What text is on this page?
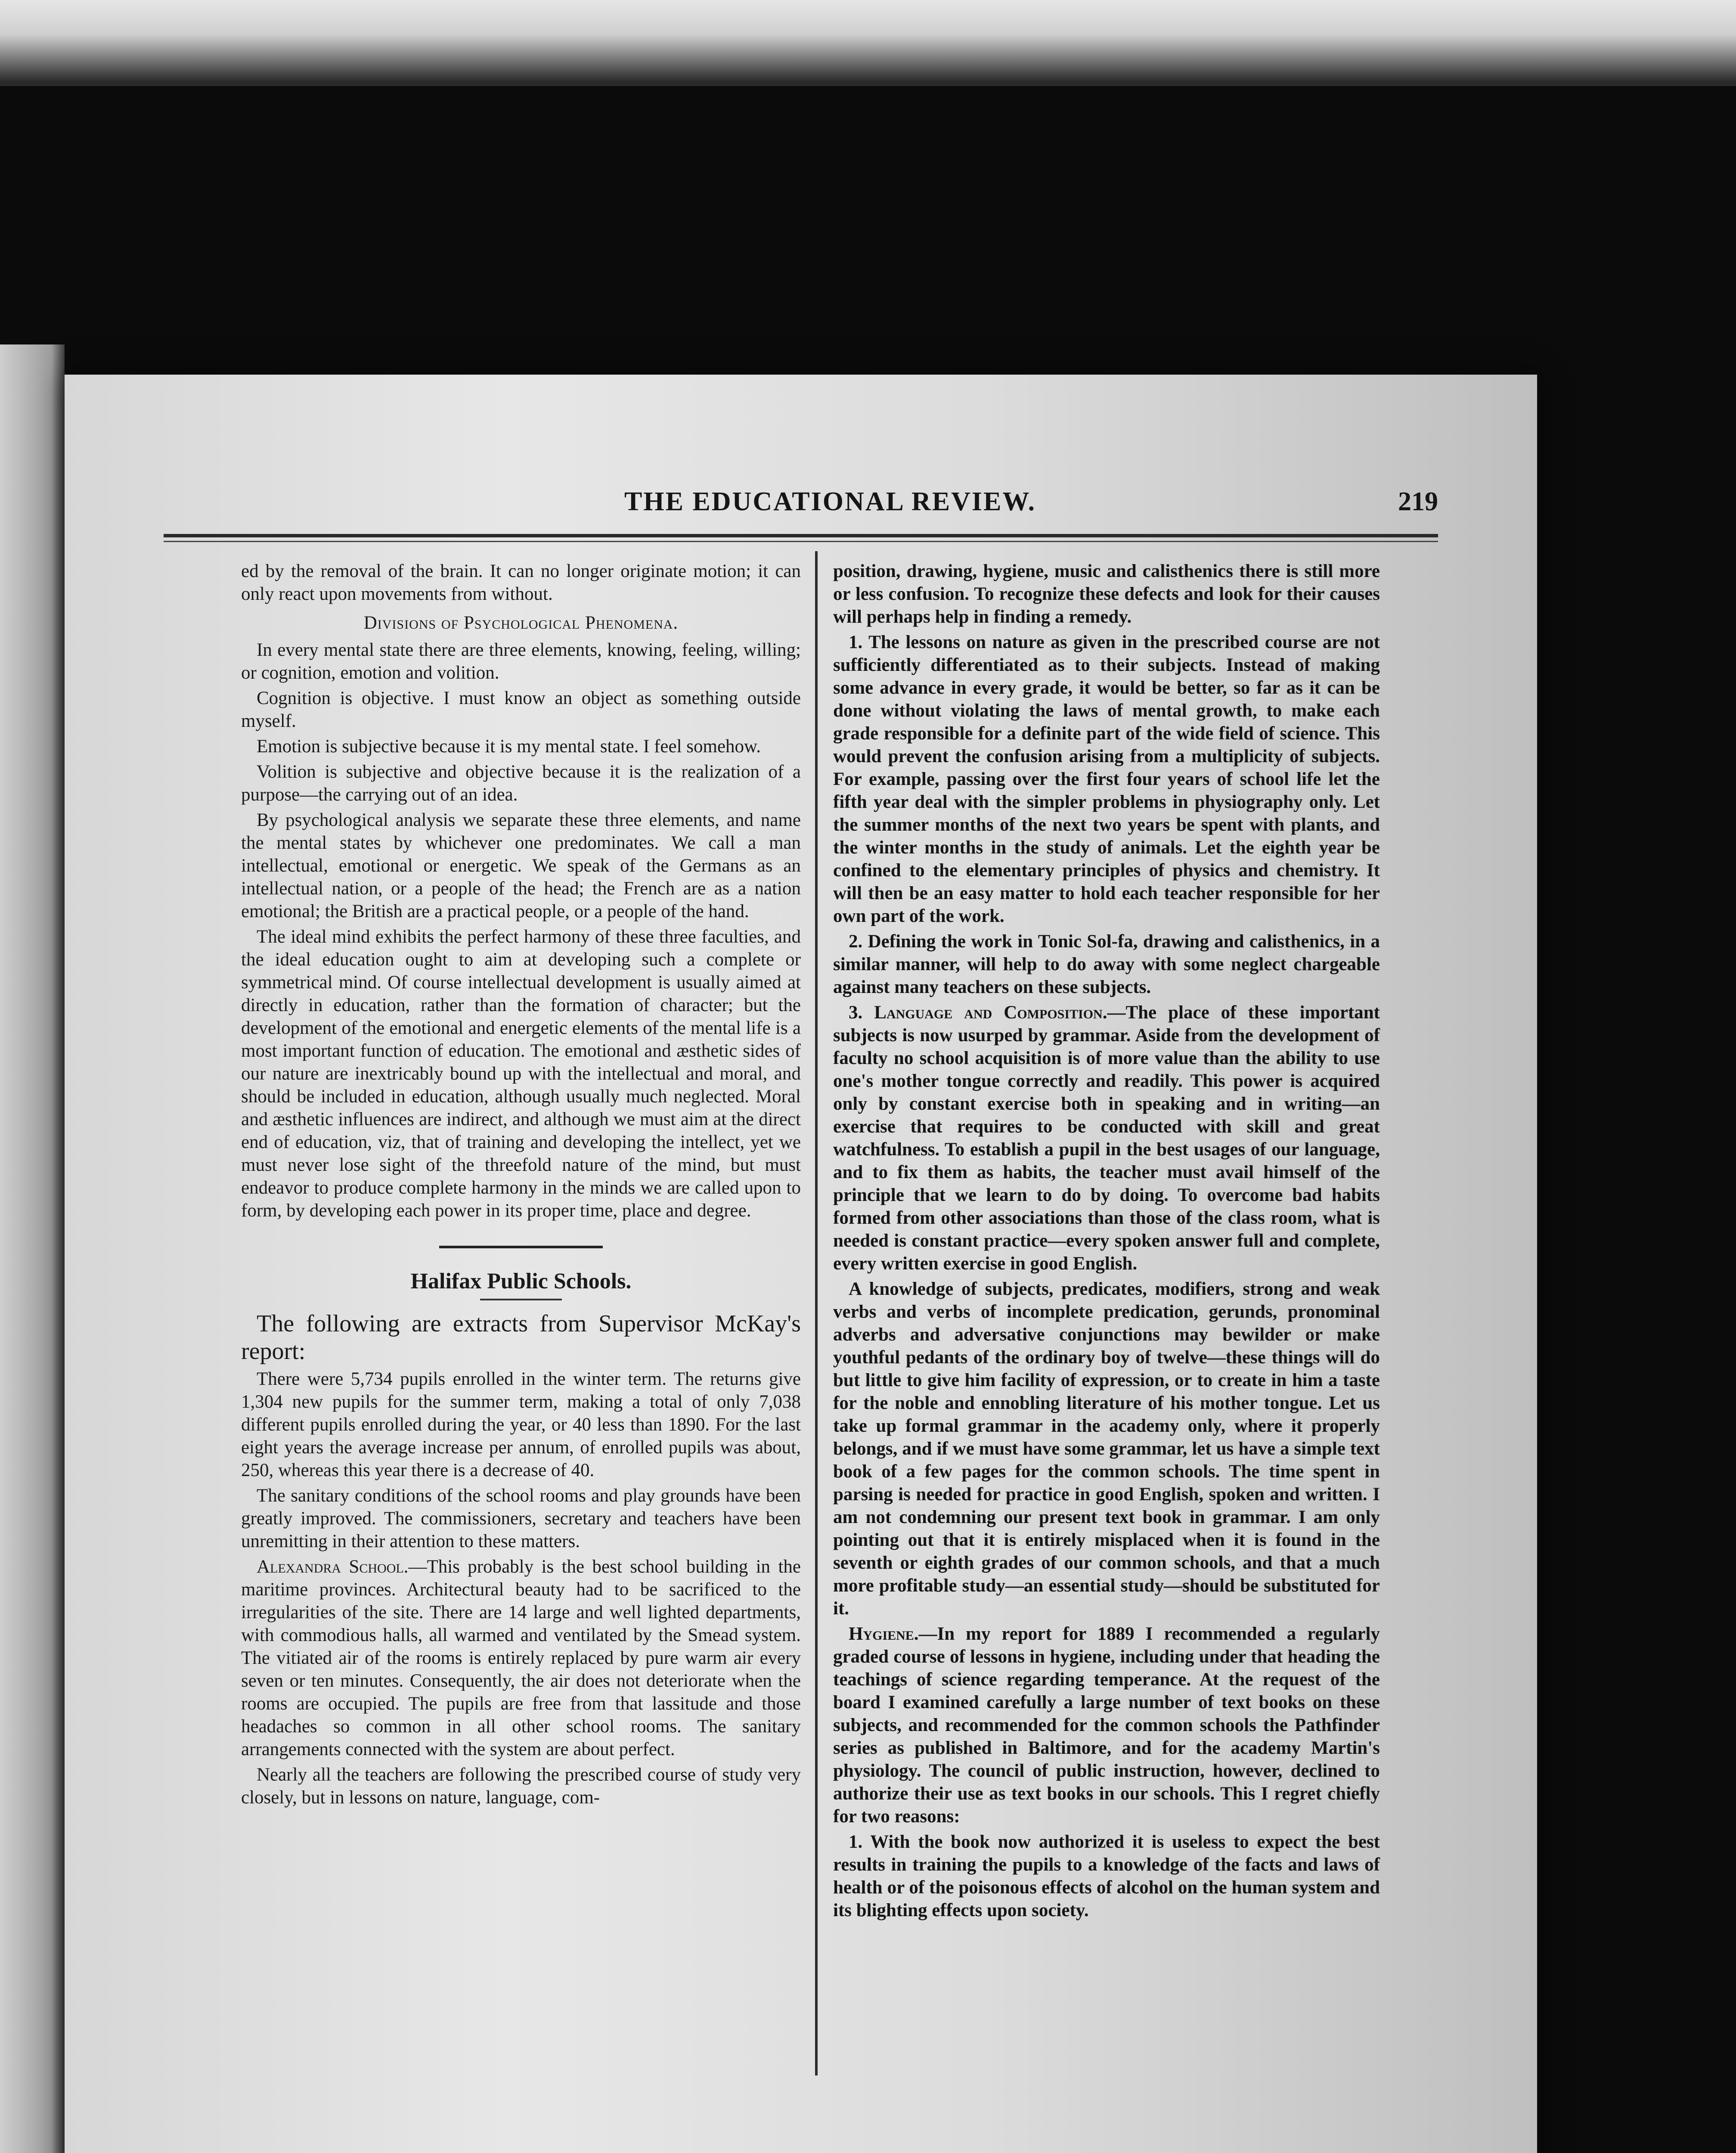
THE EDUCATIONAL REVIEW.	219

ed by the removal of the brain. It can no longer originate motion; it can only react upon movements from without.

Divisions of Psychological Phenomena.

In every mental state there are three elements, knowing, feeling, willing; or cognition, emotion and volition.

Cognition is objective. I must know an object as something outside myself.

Emotion is subjective because it is my mental state. I feel somehow.

Volition is subjective and objective because it is the realization of a purpose—the carrying out of an idea.

By psychological analysis we separate these three elements, and name the mental states by whichever one predominates. We call a man intellectual, emotional or energetic. We speak of the Germans as an intellectual nation, or a people of the head; the French are as a nation emotional; the British are a practical people, or a people of the hand.

The ideal mind exhibits the perfect harmony of these three faculties, and the ideal education ought to aim at developing such a complete or symmetrical mind. Of course intellectual development is usually aimed at directly in education, rather than the formation of character; but the development of the emotional and energetic elements of the mental life is a most important function of education. The emotional and æsthetic sides of our nature are inextricably bound up with the intellectual and moral, and should be included in education, although usually much neglected. Moral and æsthetic influences are indirect, and although we must aim at the direct end of education, viz, that of training and developing the intellect, yet we must never lose sight of the threefold nature of the mind, but must endeavor to produce complete harmony in the minds we are called upon to form, by developing each power in its proper time, place and degree.

Halifax Public Schools.

The following are extracts from Supervisor McKay's report:

There were 5,734 pupils enrolled in the winter term. The returns give 1,304 new pupils for the summer term, making a total of only 7,038 different pupils enrolled during the year, or 40 less than 1890. For the last eight years the average increase per annum, of enrolled pupils was about, 250, whereas this year there is a decrease of 40.

The sanitary conditions of the school rooms and play grounds have been greatly improved. The commissioners, secretary and teachers have been unremitting in their attention to these matters.

Alexandra School.—This probably is the best school building in the maritime provinces. Architectural beauty had to be sacrificed to the irregularities of the site. There are 14 large and well lighted departments, with commodious halls, all warmed and ventilated by the Smead system. The vitiated air of the rooms is entirely replaced by pure warm air every seven or ten minutes. Consequently, the air does not deteriorate when the rooms are occupied. The pupils are free from that lassitude and those headaches so common in all other school rooms. The sanitary arrangements connected with the system are about perfect.

Nearly all the teachers are following the prescribed course of study very closely, but in lessons on nature, language, com-

position, drawing, hygiene, music and calisthenics there is still more or less confusion. To recognize these defects and look for their causes will perhaps help in finding a remedy.

1. The lessons on nature as given in the prescribed course are not sufficiently differentiated as to their subjects. Instead of making some advance in every grade, it would be better, so far as it can be done without violating the laws of mental growth, to make each grade responsible for a definite part of the wide field of science. This would prevent the confusion arising from a multiplicity of subjects. For example, passing over the first four years of school life let the fifth year deal with the simpler problems in physiography only. Let the summer months of the next two years be spent with plants, and the winter months in the study of animals. Let the eighth year be confined to the elementary principles of physics and chemistry. It will then be an easy matter to hold each teacher responsible for her own part of the work.

2. Defining the work in Tonic Sol-fa, drawing and calisthenics, in a similar manner, will help to do away with some neglect chargeable against many teachers on these subjects.

3. Language and Composition.—The place of these important subjects is now usurped by grammar. Aside from the development of faculty no school acquisition is of more value than the ability to use one's mother tongue correctly and readily. This power is acquired only by constant exercise both in speaking and in writing—an exercise that requires to be conducted with skill and great watchfulness. To establish a pupil in the best usages of our language, and to fix them as habits, the teacher must avail himself of the principle that we learn to do by doing. To overcome bad habits formed from other associations than those of the class room, what is needed is constant practice—every spoken answer full and complete, every written exercise in good English.

A knowledge of subjects, predicates, modifiers, strong and weak verbs and verbs of incomplete predication, gerunds, pronominal adverbs and adversative conjunctions may bewilder or make youthful pedants of the ordinary boy of twelve—these things will do but little to give him facility of expression, or to create in him a taste for the noble and ennobling literature of his mother tongue. Let us take up formal grammar in the academy only, where it properly belongs, and if we must have some grammar, let us have a simple text book of a few pages for the common schools. The time spent in parsing is needed for practice in good English, spoken and written. I am not condemning our present text book in grammar. I am only pointing out that it is entirely misplaced when it is found in the seventh or eighth grades of our common schools, and that a much more profitable study—an essential study—should be substituted for it.

Hygiene.—In my report for 1889 I recommended a regularly graded course of lessons in hygiene, including under that heading the teachings of science regarding temperance. At the request of the board I examined carefully a large number of text books on these subjects, and recommended for the common schools the Pathfinder series as published in Baltimore, and for the academy Martin's physiology. The council of public instruction, however, declined to authorize their use as text books in our schools. This I regret chiefly for two reasons:

1. With the book now authorized it is useless to expect the best results in training the pupils to a knowledge of the facts and laws of health or of the poisonous effects of alcohol on the human system and its blighting effects upon society.
